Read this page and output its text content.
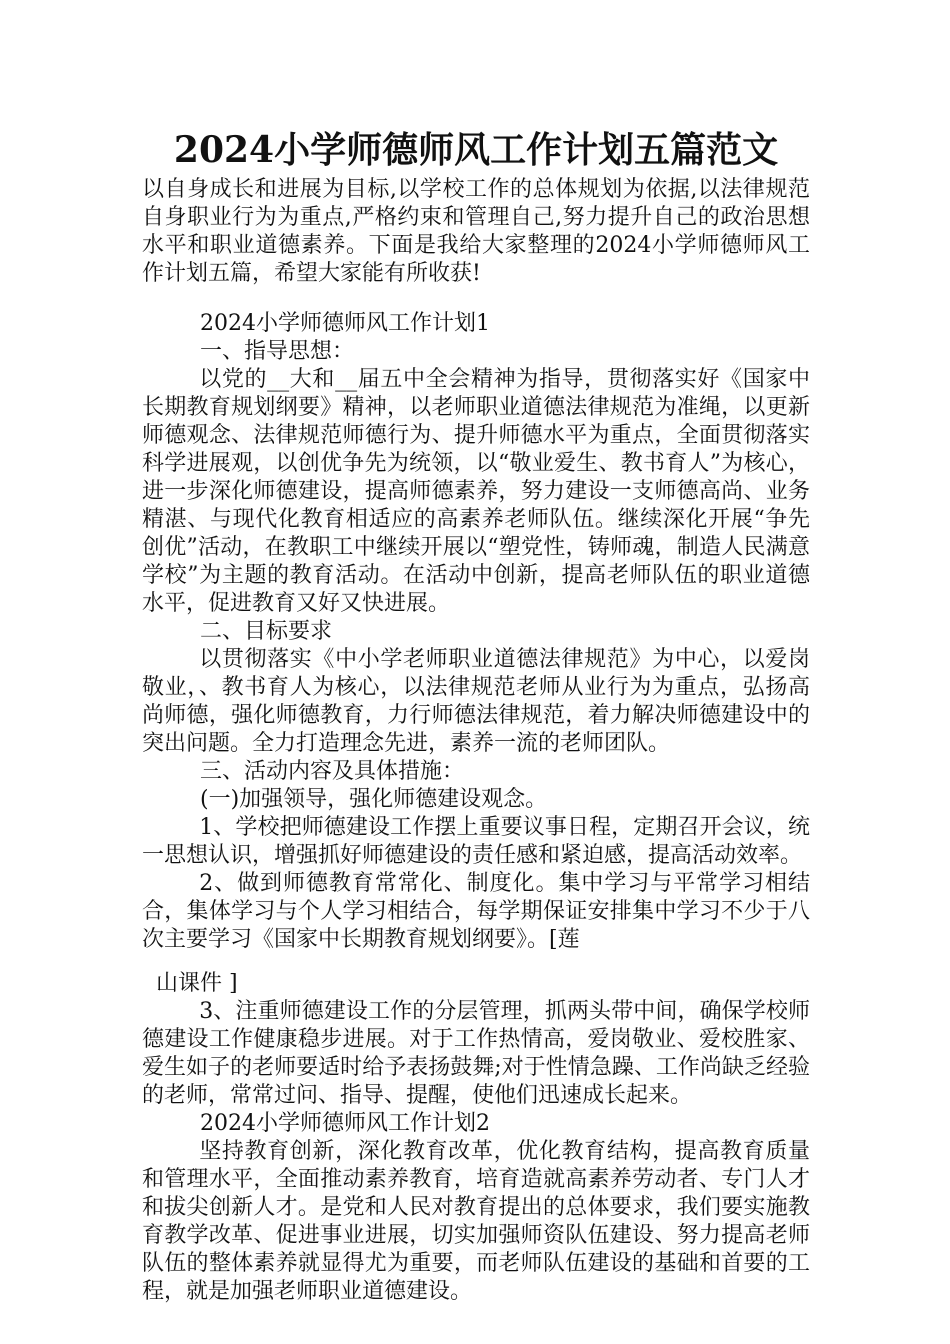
2024小学师德师风工作计划五篇范文

以自身成长和进展为目标,以学校工作的总体规划为依据,以法律规范自身职业行为为重点,严格约束和管理自己,努力提升自己的政治思想水平和职业道德素养。下面是我给大家整理的2024小学师德师风工作计划五篇，希望大家能有所收获!

2024小学师德师风工作计划1

一、指导思想：

以党的__大和__届五中全会精神为指导，贯彻落实好《国家中长期教育规划纲要》精神，以老师职业道德法律规范为准绳，以更新师德观念、法律规范师德行为、提升师德水平为重点，全面贯彻落实科学进展观，以创优争先为统领，以“敬业爱生、教书育人”为核心，进一步深化师德建设，提高师德素养，努力建设一支师德高尚、业务精湛、与现代化教育相适应的高素养老师队伍。继续深化开展“争先创优”活动，在教职工中继续开展以“塑党性，铸师魂，制造人民满意学校”为主题的教育活动。在活动中创新，提高老师队伍的职业道德水平，促进教育又好又快进展。

二、目标要求

以贯彻落实《中小学老师职业道德法律规范》为中心，以爱岗敬业，、教书育人为核心，以法律规范老师从业行为为重点，弘扬高尚师德，强化师德教育，力行师德法律规范，着力解决师德建设中的突出问题。全力打造理念先进，素养一流的老师团队。

三、活动内容及具体措施：

(一)加强领导，强化师德建设观念。

1、学校把师德建设工作摆上重要议事日程，定期召开会议，统一思想认识，增强抓好师德建设的责任感和紧迫感，提高活动效率。

2、做到师德教育常常化、制度化。集中学习与平常学习相结合，集体学习与个人学习相结合，每学期保证安排集中学习不少于八次主要学习《国家中长期教育规划纲要》。[莲

山课件 ]

3、注重师德建设工作的分层管理，抓两头带中间，确保学校师德建设工作健康稳步进展。对于工作热情高，爱岗敬业、爱校胜家、爱生如子的老师要适时给予表扬鼓舞;对于性情急躁、工作尚缺乏经验的老师，常常过问、指导、提醒，使他们迅速成长起来。

2024小学师德师风工作计划2

坚持教育创新，深化教育改革，优化教育结构，提高教育质量和管理水平，全面推动素养教育，培育造就高素养劳动者、专门人才和拔尖创新人才。是党和人民对教育提出的总体要求，我们要实施教育教学改革、促进事业进展，切实加强师资队伍建设、努力提高老师队伍的整体素养就显得尤为重要，而老师队伍建设的基础和首要的工程，就是加强老师职业道德建设。
